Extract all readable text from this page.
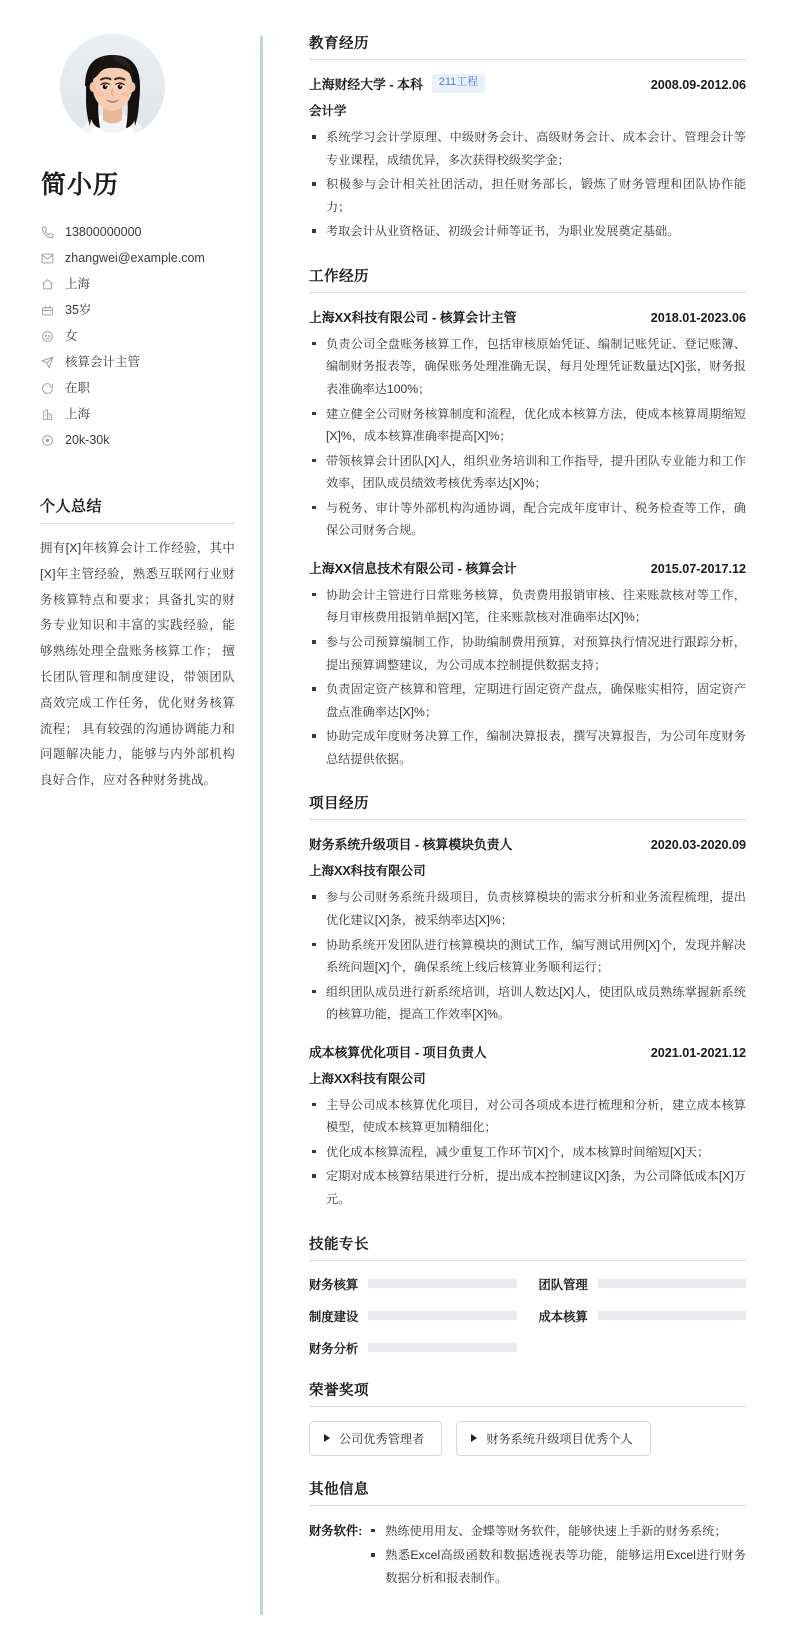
简小历
13800000000
zhangwei@example.com
上海
35岁
女
核算会计主管
在职
上海
20k-30k
个人总结

拥有[X]年核算会计工作经验，其中[X]年主管经验，熟悉互联网行业财务核算特点和要求；具备扎实的财务专业知识和丰富的实践经验，能够熟练处理全盘账务核算工作； 擅长团队管理和制度建设，带领团队高效完成工作任务，优化财务核算流程； 具有较强的沟通协调能力和问题解决能力，能够与内外部机构良好合作，应对各种财务挑战。

教育经历
上海财经大学 - 本科	211工程	2008.09-2012.06
会计学
系统学习会计学原理、中级财务会计、高级财务会计、成本会计、管理会计等专业课程，成绩优异，多次获得校级奖学金；
积极参与会计相关社团活动，担任财务部长，锻炼了财务管理和团队协作能力；
考取会计从业资格证、初级会计师等证书，为职业发展奠定基础。
工作经历
上海XX科技有限公司 - 核算会计主管	2018.01-2023.06
负责公司全盘账务核算工作，包括审核原始凭证、编制记账凭证、登记账簿、编制财务报表等，确保账务处理准确无误，每月处理凭证数量达[X]张，财务报表准确率达100%；
建立健全公司财务核算制度和流程，优化成本核算方法，使成本核算周期缩短[X]%，成本核算准确率提高[X]%；
带领核算会计团队[X]人，组织业务培训和工作指导，提升团队专业能力和工作效率，团队成员绩效考核优秀率达[X]%；
与税务、审计等外部机构沟通协调，配合完成年度审计、税务检查等工作，确保公司财务合规。
上海XX信息技术有限公司 - 核算会计	2015.07-2017.12
协助会计主管进行日常账务核算，负责费用报销审核、往来账款核对等工作，每月审核费用报销单据[X]笔，往来账款核对准确率达[X]%；
参与公司预算编制工作，协助编制费用预算，对预算执行情况进行跟踪分析，提出预算调整建议，为公司成本控制提供数据支持；
负责固定资产核算和管理，定期进行固定资产盘点，确保账实相符，固定资产盘点准确率达[X]%；
协助完成年度财务决算工作，编制决算报表，撰写决算报告，为公司年度财务总结提供依据。
项目经历
财务系统升级项目 - 核算模块负责人	2020.03-2020.09
上海XX科技有限公司
参与公司财务系统升级项目，负责核算模块的需求分析和业务流程梳理，提出优化建议[X]条，被采纳率达[X]%；
协助系统开发团队进行核算模块的测试工作，编写测试用例[X]个，发现并解决系统问题[X]个，确保系统上线后核算业务顺利运行；
组织团队成员进行新系统培训，培训人数达[X]人，使团队成员熟练掌握新系统的核算功能，提高工作效率[X]%。
成本核算优化项目 - 项目负责人	2021.01-2021.12
上海XX科技有限公司
主导公司成本核算优化项目，对公司各项成本进行梳理和分析，建立成本核算模型，使成本核算更加精细化；
优化成本核算流程，减少重复工作环节[X]个，成本核算时间缩短[X]天；
定期对成本核算结果进行分析，提出成本控制建议[X]条，为公司降低成本[X]万元。
技能专长
财务核算	团队管理
制度建设	成本核算
财务分析
荣誉奖项
公司优秀管理者	财务系统升级项目优秀个人
其他信息
财务软件:	熟练使用用友、金蝶等财务软件，能够快速上手新的财务系统；
熟悉Excel高级函数和数据透视表等功能，能够运用Excel进行财务数据分析和报表制作。
